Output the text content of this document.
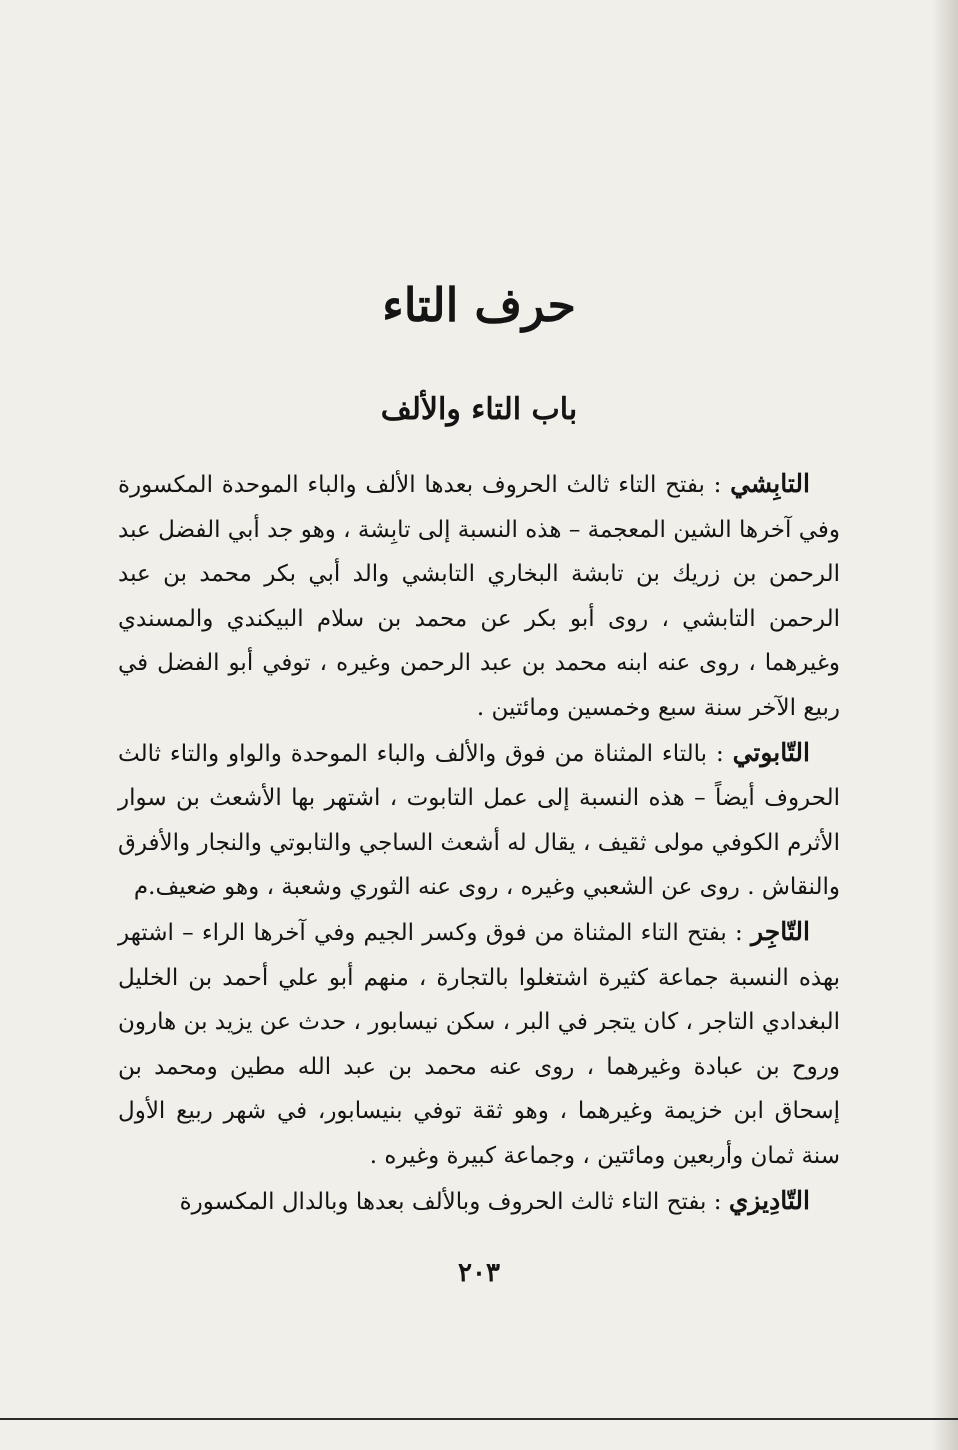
حرف التاء
باب التاء والألف

التابِشي : بفتح التاء ثالث الحروف بعدها الألف والباء الموحدة المكسورة وفي آخرها الشين المعجمة – هذه النسبة إلى تابِشة ، وهو جد أبي الفضل عبد الرحمن بن زريك بن تابشة البخاري التابشي والد أبي بكر محمد بن عبد الرحمن التابشي ، روى أبو بكر عن محمد بن سلام البيكندي والمسندي وغيرهما ، روى عنه ابنه محمد بن عبد الرحمن وغيره ، توفي أبو الفضل في ربيع الآخر سنة سبع وخمسين ومائتين .

التّابوتي : بالتاء المثناة من فوق والألف والباء الموحدة والواو والتاء ثالث الحروف أيضاً – هذه النسبة إلى عمل التابوت ، اشتهر بها الأشعث بن سوار الأثرم الكوفي مولى ثقيف ، يقال له أشعث الساجي والتابوتي والنجار والأفرق والنقاش . روى عن الشعبي وغيره ، روى عنه الثوري وشعبة ، وهو ضعيف.م

التّاجِر : بفتح التاء المثناة من فوق وكسر الجيم وفي آخرها الراء – اشتهر بهذه النسبة جماعة كثيرة اشتغلوا بالتجارة ، منهم أبو علي أحمد بن الخليل البغدادي التاجر ، كان يتجر في البر ، سكن نيسابور ، حدث عن يزيد بن هارون وروح بن عبادة وغيرهما ، روى عنه محمد بن عبد الله مطين ومحمد بن إسحاق ابن خزيمة وغيرهما ، وهو ثقة توفي بنيسابور، في شهر ربيع الأول سنة ثمان وأربعين ومائتين ، وجماعة كبيرة وغيره .

التّادِيزي : بفتح التاء ثالث الحروف وبالألف بعدها وبالدال المكسورة

٢٠٣
